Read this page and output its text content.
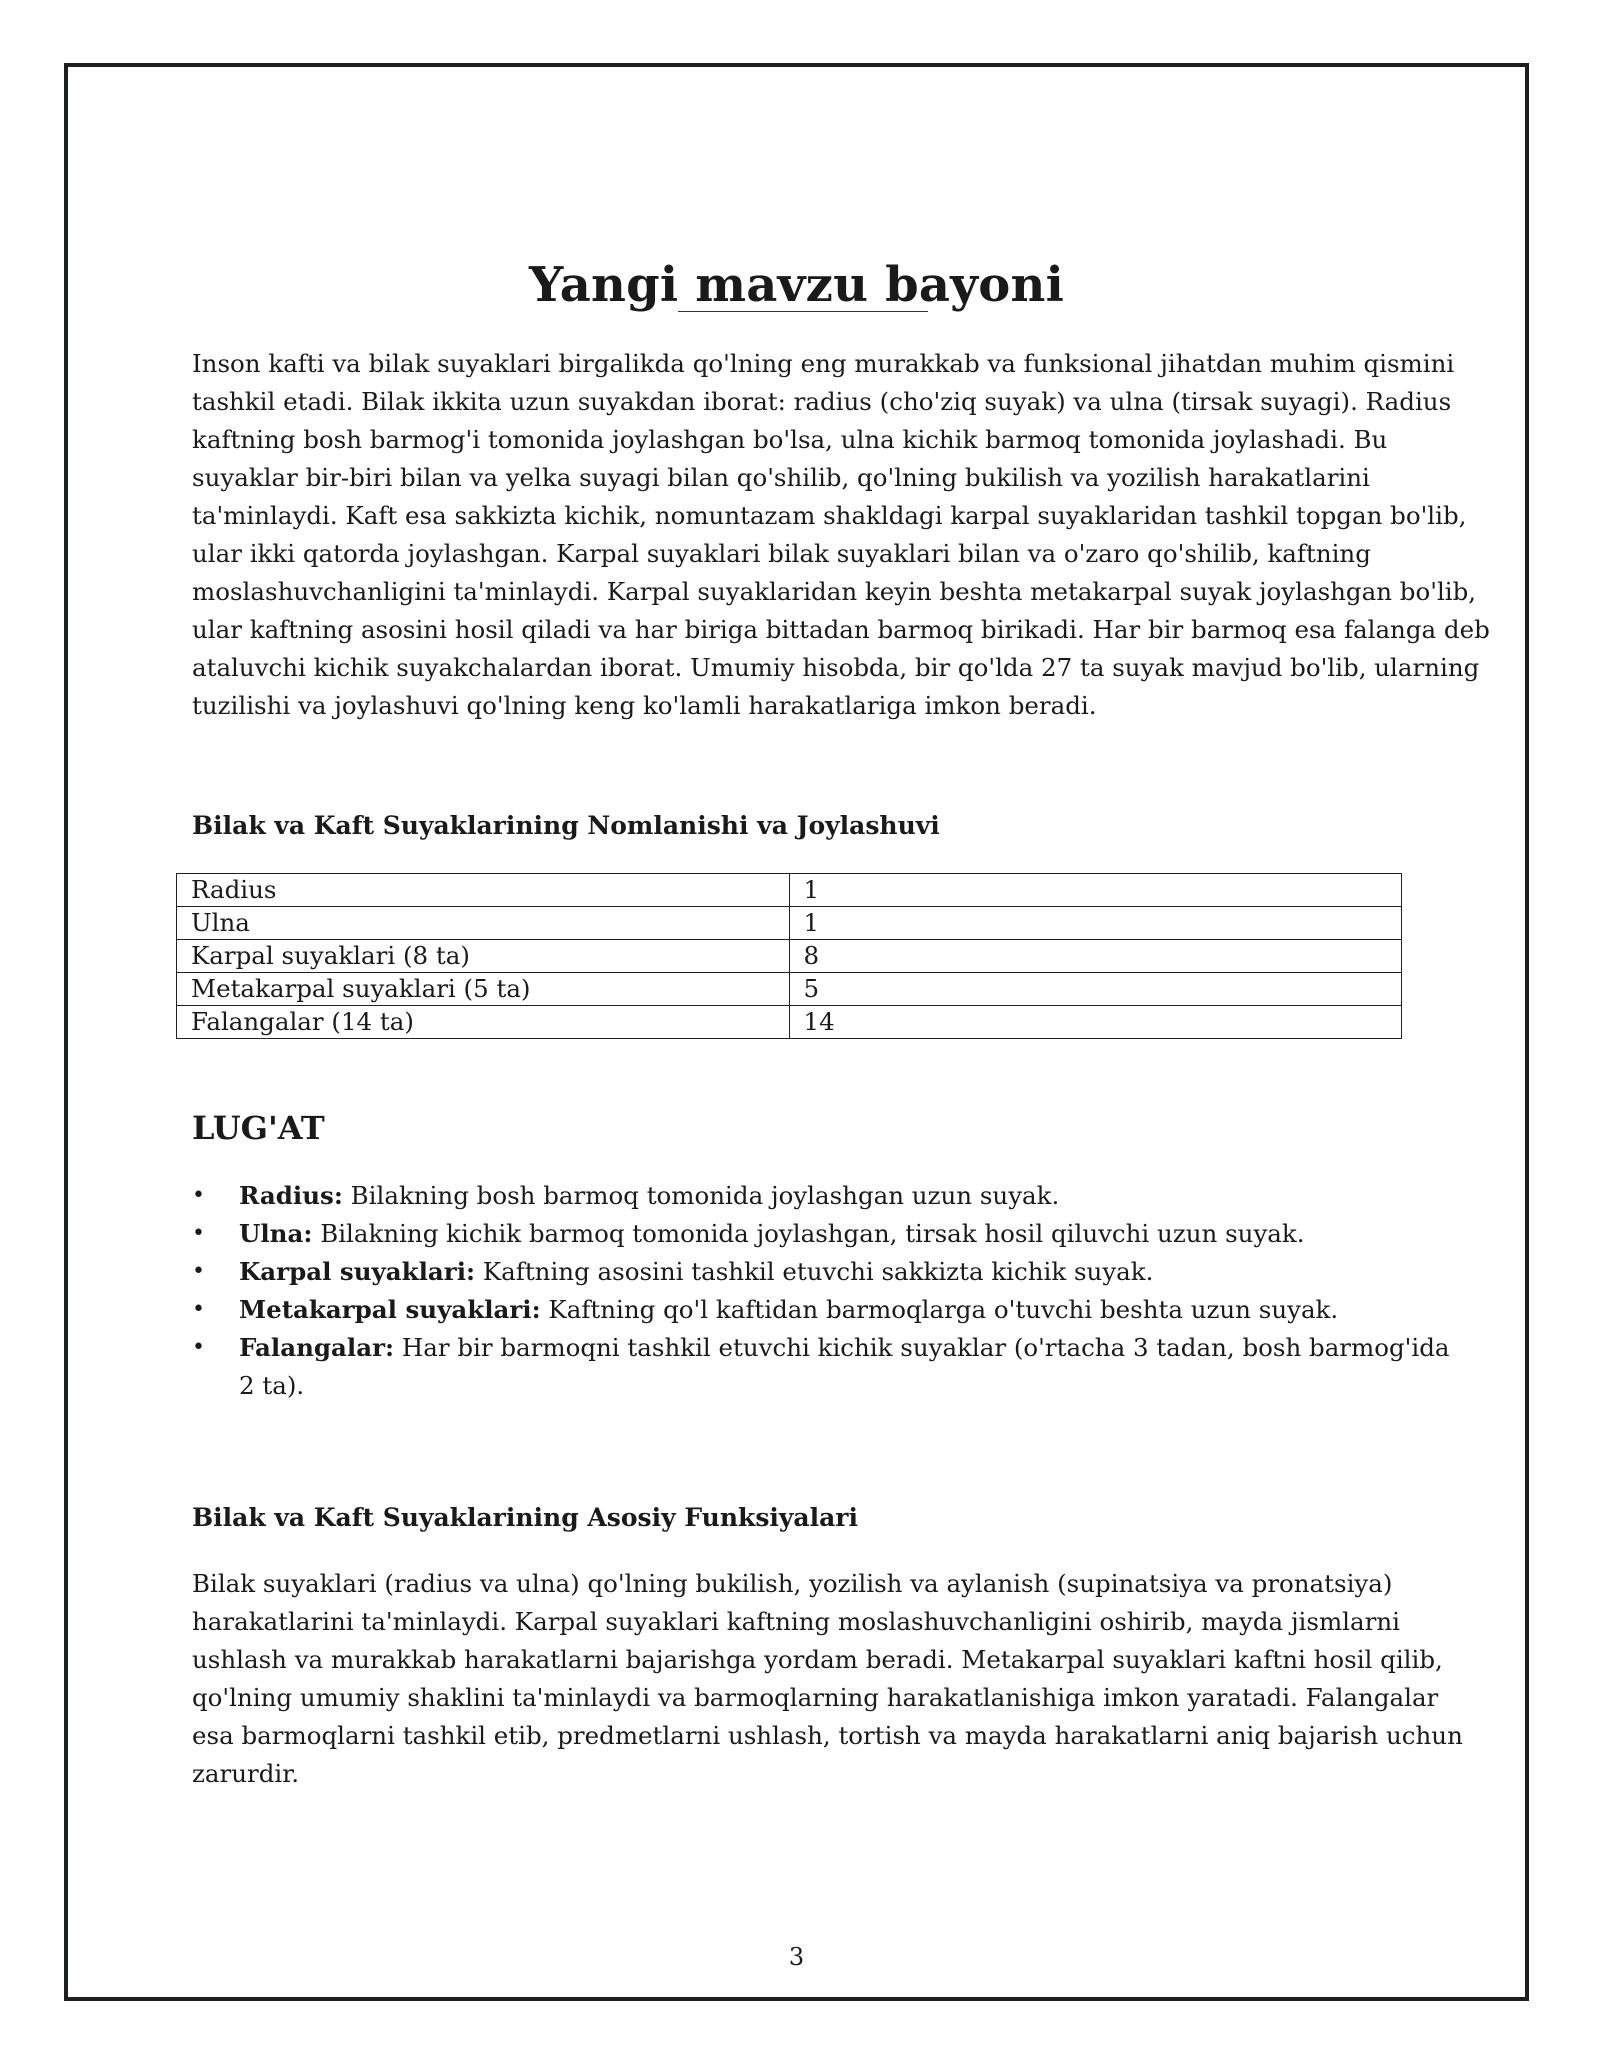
Yangi mavzu bayoni

Inson kafti va bilak suyaklari birgalikda qo'lning eng murakkab va funksional jihatdan muhim qismini tashkil etadi. Bilak ikkita uzun suyakdan iborat: radius (cho'ziq suyak) va ulna (tirsak suyagi). Radius kaftning bosh barmog'i tomonida joylashgan bo'lsa, ulna kichik barmoq tomonida joylashadi. Bu suyaklar bir-biri bilan va yelka suyagi bilan qo'shilib, qo'lning bukilish va yozilish harakatlarini ta'minlaydi. Kaft esa sakkizta kichik, nomuntazam shakldagi karpal suyaklaridan tashkil topgan bo'lib, ular ikki qatorda joylashgan. Karpal suyaklari bilak suyaklari bilan va o'zaro qo'shilib, kaftning moslashuvchanligini ta'minlaydi. Karpal suyaklaridan keyin beshta metakarpal suyak joylashgan bo'lib, ular kaftning asosini hosil qiladi va har biriga bittadan barmoq birikadi. Har bir barmoq esa falanga deb ataluvchi kichik suyakchalardan iborat. Umumiy hisobda, bir qo'lda 27 ta suyak mavjud bo'lib, ularning tuzilishi va joylashuvi qo'lning keng ko'lamli harakatlariga imkon beradi.

Bilak va Kaft Suyaklarining Nomlanishi va Joylashuvi
Radius	1
Ulna	1
Karpal suyaklari (8 ta)	8
Metakarpal suyaklari (5 ta)	5
Falangalar (14 ta)	14
LUG'AT
• Radius: Bilakning bosh barmoq tomonida joylashgan uzun suyak.
• Ulna: Bilakning kichik barmoq tomonida joylashgan, tirsak hosil qiluvchi uzun suyak.
• Karpal suyaklari: Kaftning asosini tashkil etuvchi sakkizta kichik suyak.
• Metakarpal suyaklari: Kaftning qo'l kaftidan barmoqlarga o'tuvchi beshta uzun suyak.
• Falangalar: Har bir barmoqni tashkil etuvchi kichik suyaklar (o'rtacha 3 tadan, bosh barmog'ida 2 ta).
Bilak va Kaft Suyaklarining Asosiy Funksiyalari

Bilak suyaklari (radius va ulna) qo'lning bukilish, yozilish va aylanish (supinatsiya va pronatsiya) harakatlarini ta'minlaydi. Karpal suyaklari kaftning moslashuvchanligini oshirib, mayda jismlarni ushlash va murakkab harakatlarni bajarishga yordam beradi. Metakarpal suyaklari kaftni hosil qilib, qo'lning umumiy shaklini ta'minlaydi va barmoqlarning harakatlanishiga imkon yaratadi. Falangalar esa barmoqlarni tashkil etib, predmetlarni ushlash, tortish va mayda harakatlarni aniq bajarish uchun zarurdir.

3
